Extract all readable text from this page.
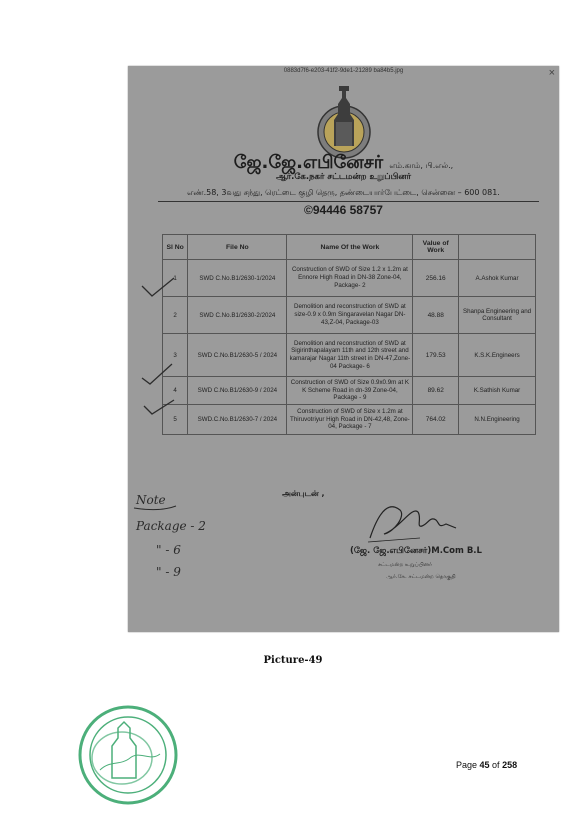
0883d7f6-e203-41f2-9de1-21289 ba84b5.jpg	×
ஜே.ஜே.எபினேசர் எம்.காம், பி.எல்.,
ஆர்.கே.நகர் சட்டமன்ற உறுப்பினர்
எண்.58, 3வது சந்து, ரெட்டை குழி தெரு, தண்டையார்பேட்டை, சென்னை – 600 081.
©94446 58757
Sl No	File No	Name Of the Work	Value of Work	
1	SWD C.No.B1/2630-1/2024	Construction of SWD of Size 1.2 x 1.2m at Ennore High Road in DN-38 Zone-04, Package- 2	256.16	A.Ashok Kumar
2	SWD C.No.B1/2630-2/2024	Demolition and reconstruction of SWD at size-0.9 x 0.9m Singaravelan Nagar DN-43,Z-04, Package-03	48.88	Shanpa Engineering and Consultant
3	SWD C.No.B1/2630-5 / 2024	Demolition and reconstruction of SWD at Sigirinthapalayam 11th and 12th street and kamarajar Nagar 11th street in DN-47,Zone-04 Package- 6	179.53	K.S.K.Engineers
4	SWD C.No.B1/2630-9 / 2024	Construction of SWD of Size 0.9x0.9m at K K Scheme Road in dn-39 Zone-04, Package - 9	89.62	K.Sathish Kumar
5	SWD.C.No.B1/2630-7 / 2024	Construction of SWD of Size x 1.2m at Thiruvotriyur High Road in DN-42,48, Zone-04, Package - 7	764.02	N.N.Engineering
அன்புடன் ,
Note
Package - 2
" - 6
" - 9
(ஜே. ஜே.எபினேசர்)M.Com B.L
சட்டமன்ற உறுப்பினர்
ஆர்.கே. சட்டமன்ற தொகுதி
Picture-49
Page 45 of 258
